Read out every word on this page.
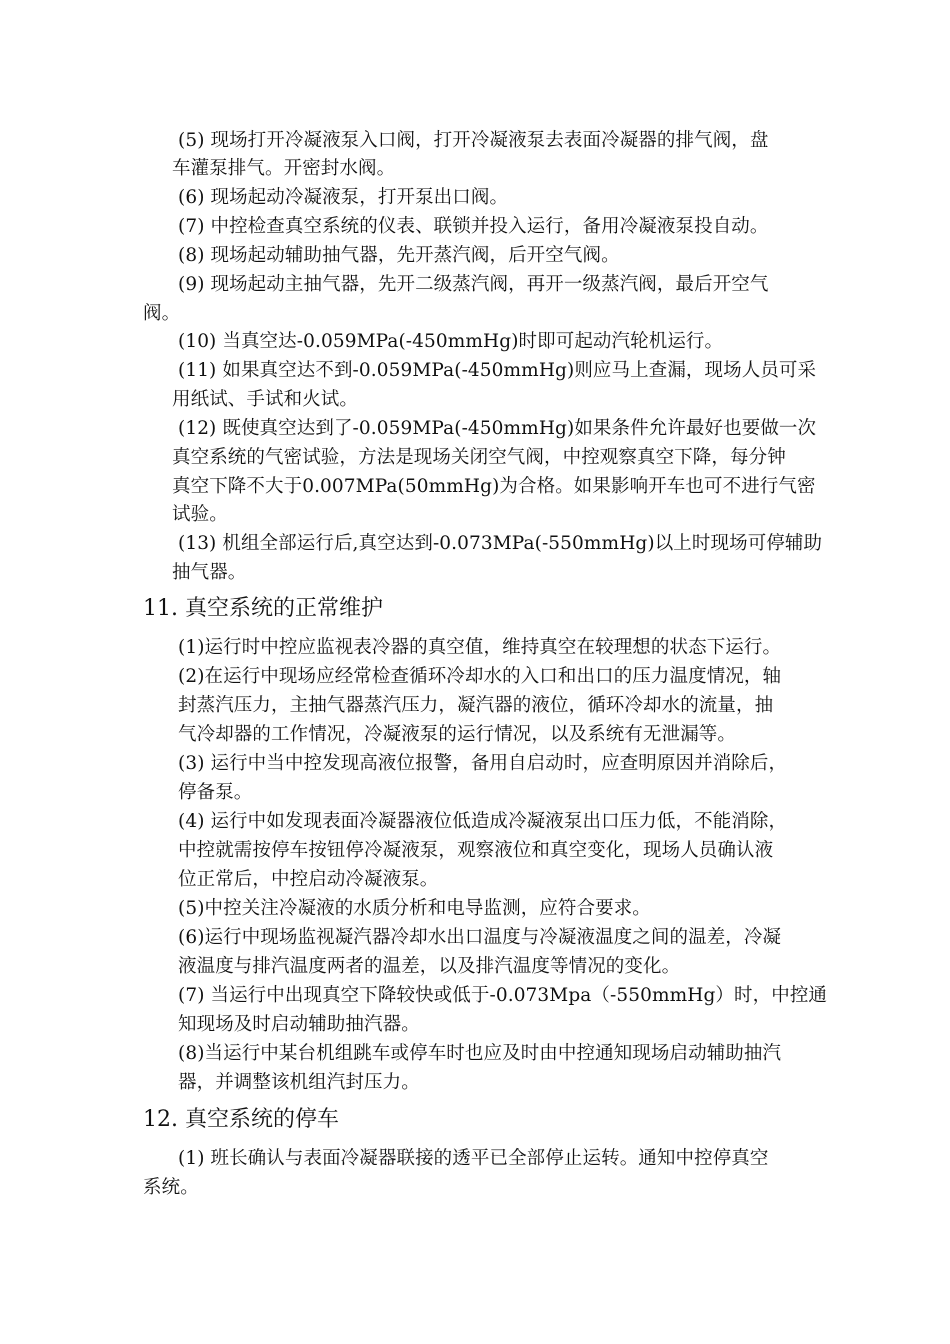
(5) 现场打开冷凝液泵入口阀，打开冷凝液泵去表面冷凝器的排气阀，盘
车灌泵排气。开密封水阀。
(6) 现场起动冷凝液泵，打开泵出口阀。
(7) 中控检查真空系统的仪表、联锁并投入运行，备用冷凝液泵投自动。
(8) 现场起动辅助抽气器，先开蒸汽阀，后开空气阀。
(9) 现场起动主抽气器，先开二级蒸汽阀，再开一级蒸汽阀，最后开空气
阀。
(10) 当真空达-0.059MPa(-450mmHg)时即可起动汽轮机运行。
(11) 如果真空达不到-0.059MPa(-450mmHg)则应马上查漏，现场人员可采
用纸试、手试和火试。
(12) 既使真空达到了-0.059MPa(-450mmHg)如果条件允许最好也要做一次
真空系统的气密试验，方法是现场关闭空气阀，中控观察真空下降，每分钟
真空下降不大于0.007MPa(50mmHg)为合格。如果影响开车也可不进行气密
试验。
(13) 机组全部运行后,真空达到-0.073MPa(-550mmHg)以上时现场可停辅助
抽气器。
11. 真空系统的正常维护
(1)运行时中控应监视表冷器的真空值，维持真空在较理想的状态下运行。
(2)在运行中现场应经常检查循环冷却水的入口和出口的压力温度情况，轴
封蒸汽压力，主抽气器蒸汽压力，凝汽器的液位，循环冷却水的流量，抽
气冷却器的工作情况，冷凝液泵的运行情况，以及系统有无泄漏等。
(3) 运行中当中控发现高液位报警，备用自启动时，应查明原因并消除后，
停备泵。
(4) 运行中如发现表面冷凝器液位低造成冷凝液泵出口压力低，不能消除，
中控就需按停车按钮停冷凝液泵，观察液位和真空变化，现场人员确认液
位正常后，中控启动冷凝液泵。
(5)中控关注冷凝液的水质分析和电导监测，应符合要求。
(6)运行中现场监视凝汽器冷却水出口温度与冷凝液温度之间的温差，冷凝
液温度与排汽温度两者的温差，以及排汽温度等情况的变化。
(7) 当运行中出现真空下降较快或低于-0.073Mpa（-550mmHg）时，中控通
知现场及时启动辅助抽汽器。
(8)当运行中某台机组跳车或停车时也应及时由中控通知现场启动辅助抽汽
器，并调整该机组汽封压力。
12. 真空系统的停车
(1) 班长确认与表面冷凝器联接的透平已全部停止运转。通知中控停真空
系统。
